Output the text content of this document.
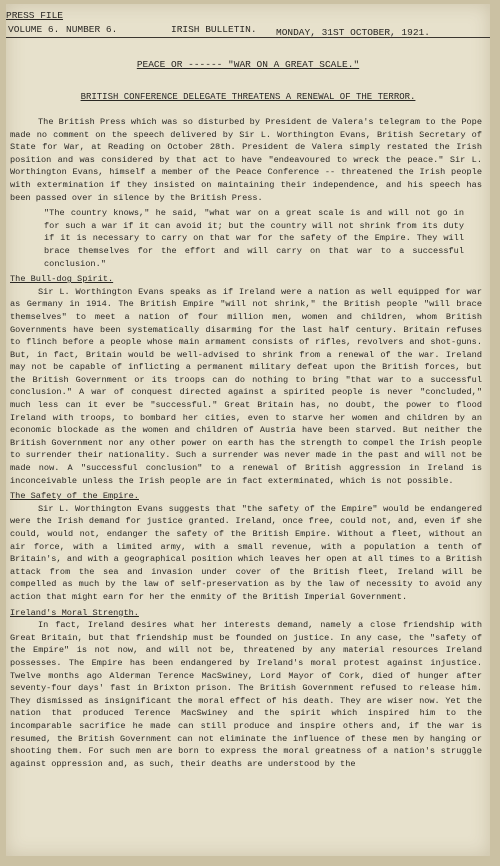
PRESS FILE
VOLUME 6. NUMBER 6.	IRISH BULLETIN. MONDAY, 31ST OCTOBER, 1921.
PEACE OR ------ "WAR ON A GREAT SCALE."
BRITISH CONFERENCE DELEGATE THREATENS A RENEWAL OF THE TERROR.

The British Press which was so disturbed by President de Valera's telegram to the Pope made no comment on the speech delivered by Sir L. Worthington Evans, British Secretary of State for War, at Reading on October 28th. President de Valera simply restated the Irish position and was considered by that act to have "endeavoured to wreck the peace." Sir L. Worthington Evans, himself a member of the Peace Conference -- threatened the Irish people with extermination if they insisted on maintaining their independence, and his speech has been passed over in silence by the British Press.

"The country knows," he said, "what war on a great scale is and will not go in for such a war if it can avoid it; but the country will not shrink from its duty if it is necessary to carry on that war for the safety of the Empire. They will brace themselves for the effort and will carry on that war to a successful conclusion."

The Bull-dog Spirit.

Sir L. Worthington Evans speaks as if Ireland were a nation as well equipped for war as Germany in 1914. The British Empire "will not shrink," the British people "will brace themselves" to meet a nation of four million men, women and children, whom British Governments have been systematically disarming for the last half century. Britain refuses to flinch before a people whose main armament consists of rifles, revolvers and shot-guns. But, in fact, Britain would be well-advised to shrink from a renewal of the war. Ireland may not be capable of inflicting a permanent military defeat upon the British forces, but the British Government or its troops can do nothing to bring "that war to a successful conclusion." A war of conquest directed against a spirited people is never "concluded," much less can it ever be "successful." Great Britain has, no doubt, the power to flood Ireland with troops, to bombard her cities, even to starve her women and children by an economic blockade as the women and children of Austria have been starved. But neither the British Government nor any other power on earth has the strength to compel the Irish people to surrender their nationality. Such a surrender was never made in the past and will not be made now. A "successful conclusion" to a renewal of British aggression in Ireland is inconceivable unless the Irish people are in fact exterminated, which is not possible.

The Safety of the Empire.

Sir L. Worthington Evans suggests that "the safety of the Empire" would be endangered were the Irish demand for justice granted. Ireland, once free, could not, and, even if she could, would not, endanger the safety of the British Empire. Without a fleet, without an air force, with a limited army, with a small revenue, with a population a tenth of Britain's, and with a geographical position which leaves her open at all times to a British attack from the sea and invasion under cover of the British fleet, Ireland will be compelled as much by the law of self-preservation as by the law of necessity to avoid any action that might earn for her the enmity of the British Imperial Government.

Ireland's Moral Strength.

In fact, Ireland desires what her interests demand, namely a close friendship with Great Britain, but that friendship must be founded on justice. In any case, the "safety of the Empire" is not now, and will not be, threatened by any material resources Ireland possesses. The Empire has been endangered by Ireland's moral protest against injustice. Twelve months ago Alderman Terence MacSwiney, Lord Mayor of Cork, died of hunger after seventy-four days' fast in Brixton prison. The British Government refused to release him. They dismissed as insignificant the moral effect of his death. They are wiser now. Yet the nation that produced Terence MacSwiney and the spirit which inspired him to the incomparable sacrifice he made can still produce and inspire others and, if the war is resumed, the British Government can not eliminate the influence of these men by hanging or shooting them. For such men are born to express the moral greatness of a nation's struggle against oppression and, as such, their deaths are understood by the
